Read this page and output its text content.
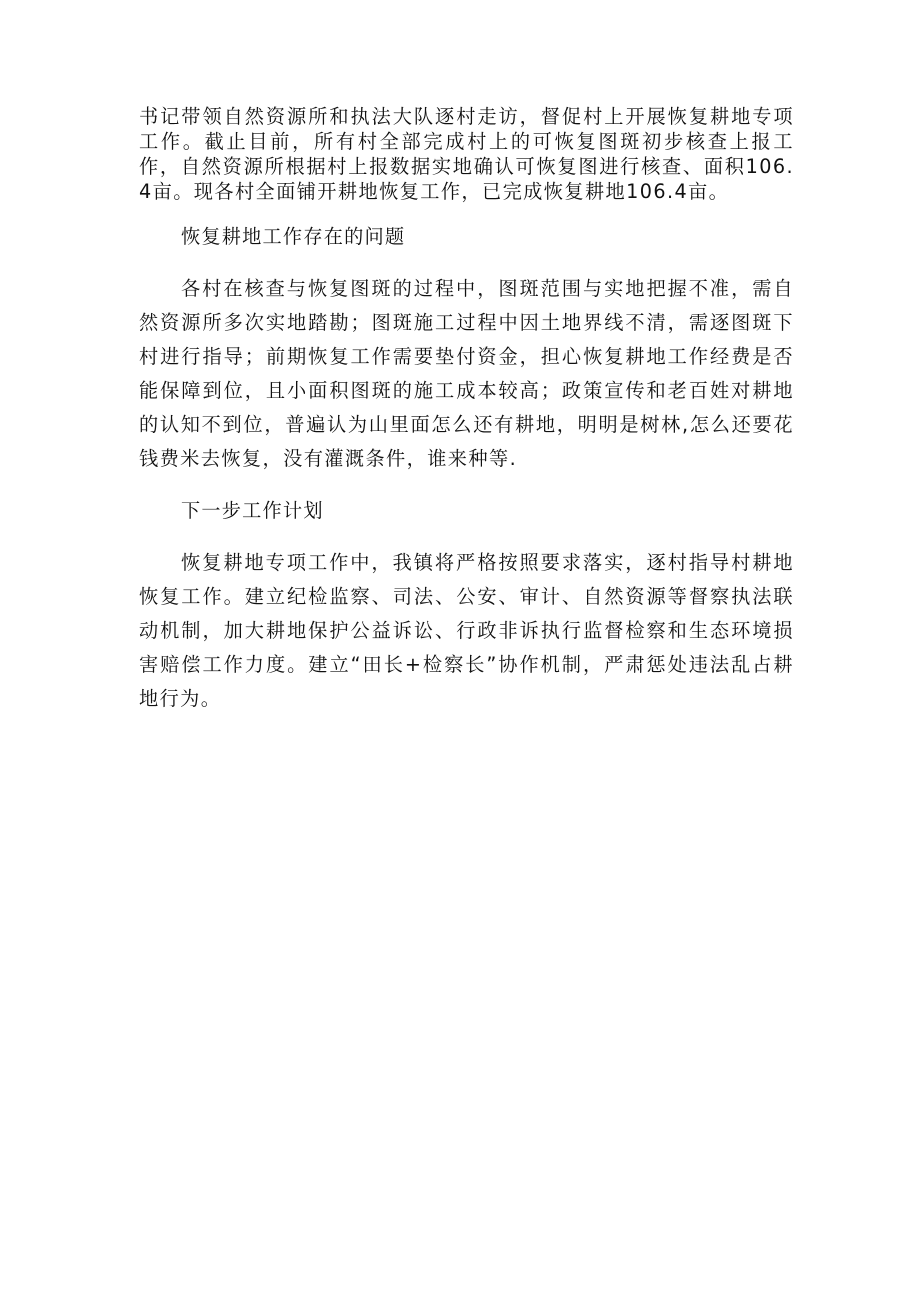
书记带领自然资源所和执法大队逐村走访，督促村上开展恢复耕地专项工作。截止目前，所有村全部完成村上的可恢复图斑初步核查上报工作，自然资源所根据村上报数据实地确认可恢复图进行核查、面积106.4亩。现各村全面铺开耕地恢复工作，已完成恢复耕地106.4亩。

恢复耕地工作存在的问题

各村在核查与恢复图斑的过程中，图斑范围与实地把握不准，需自然资源所多次实地踏勘；图斑施工过程中因土地界线不清，需逐图斑下村进行指导；前期恢复工作需要垫付资金，担心恢复耕地工作经费是否能保障到位，且小面积图斑的施工成本较高；政策宣传和老百姓对耕地的认知不到位，普遍认为山里面怎么还有耕地，明明是树林,怎么还要花钱费米去恢复，没有灌溉条件，谁来种等.

下一步工作计划

恢复耕地专项工作中，我镇将严格按照要求落实，逐村指导村耕地恢复工作。建立纪检监察、司法、公安、审计、自然资源等督察执法联动机制，加大耕地保护公益诉讼、行政非诉执行监督检察和生态环境损害赔偿工作力度。建立“田长+检察长”协作机制，严肃惩处违法乱占耕地行为。
